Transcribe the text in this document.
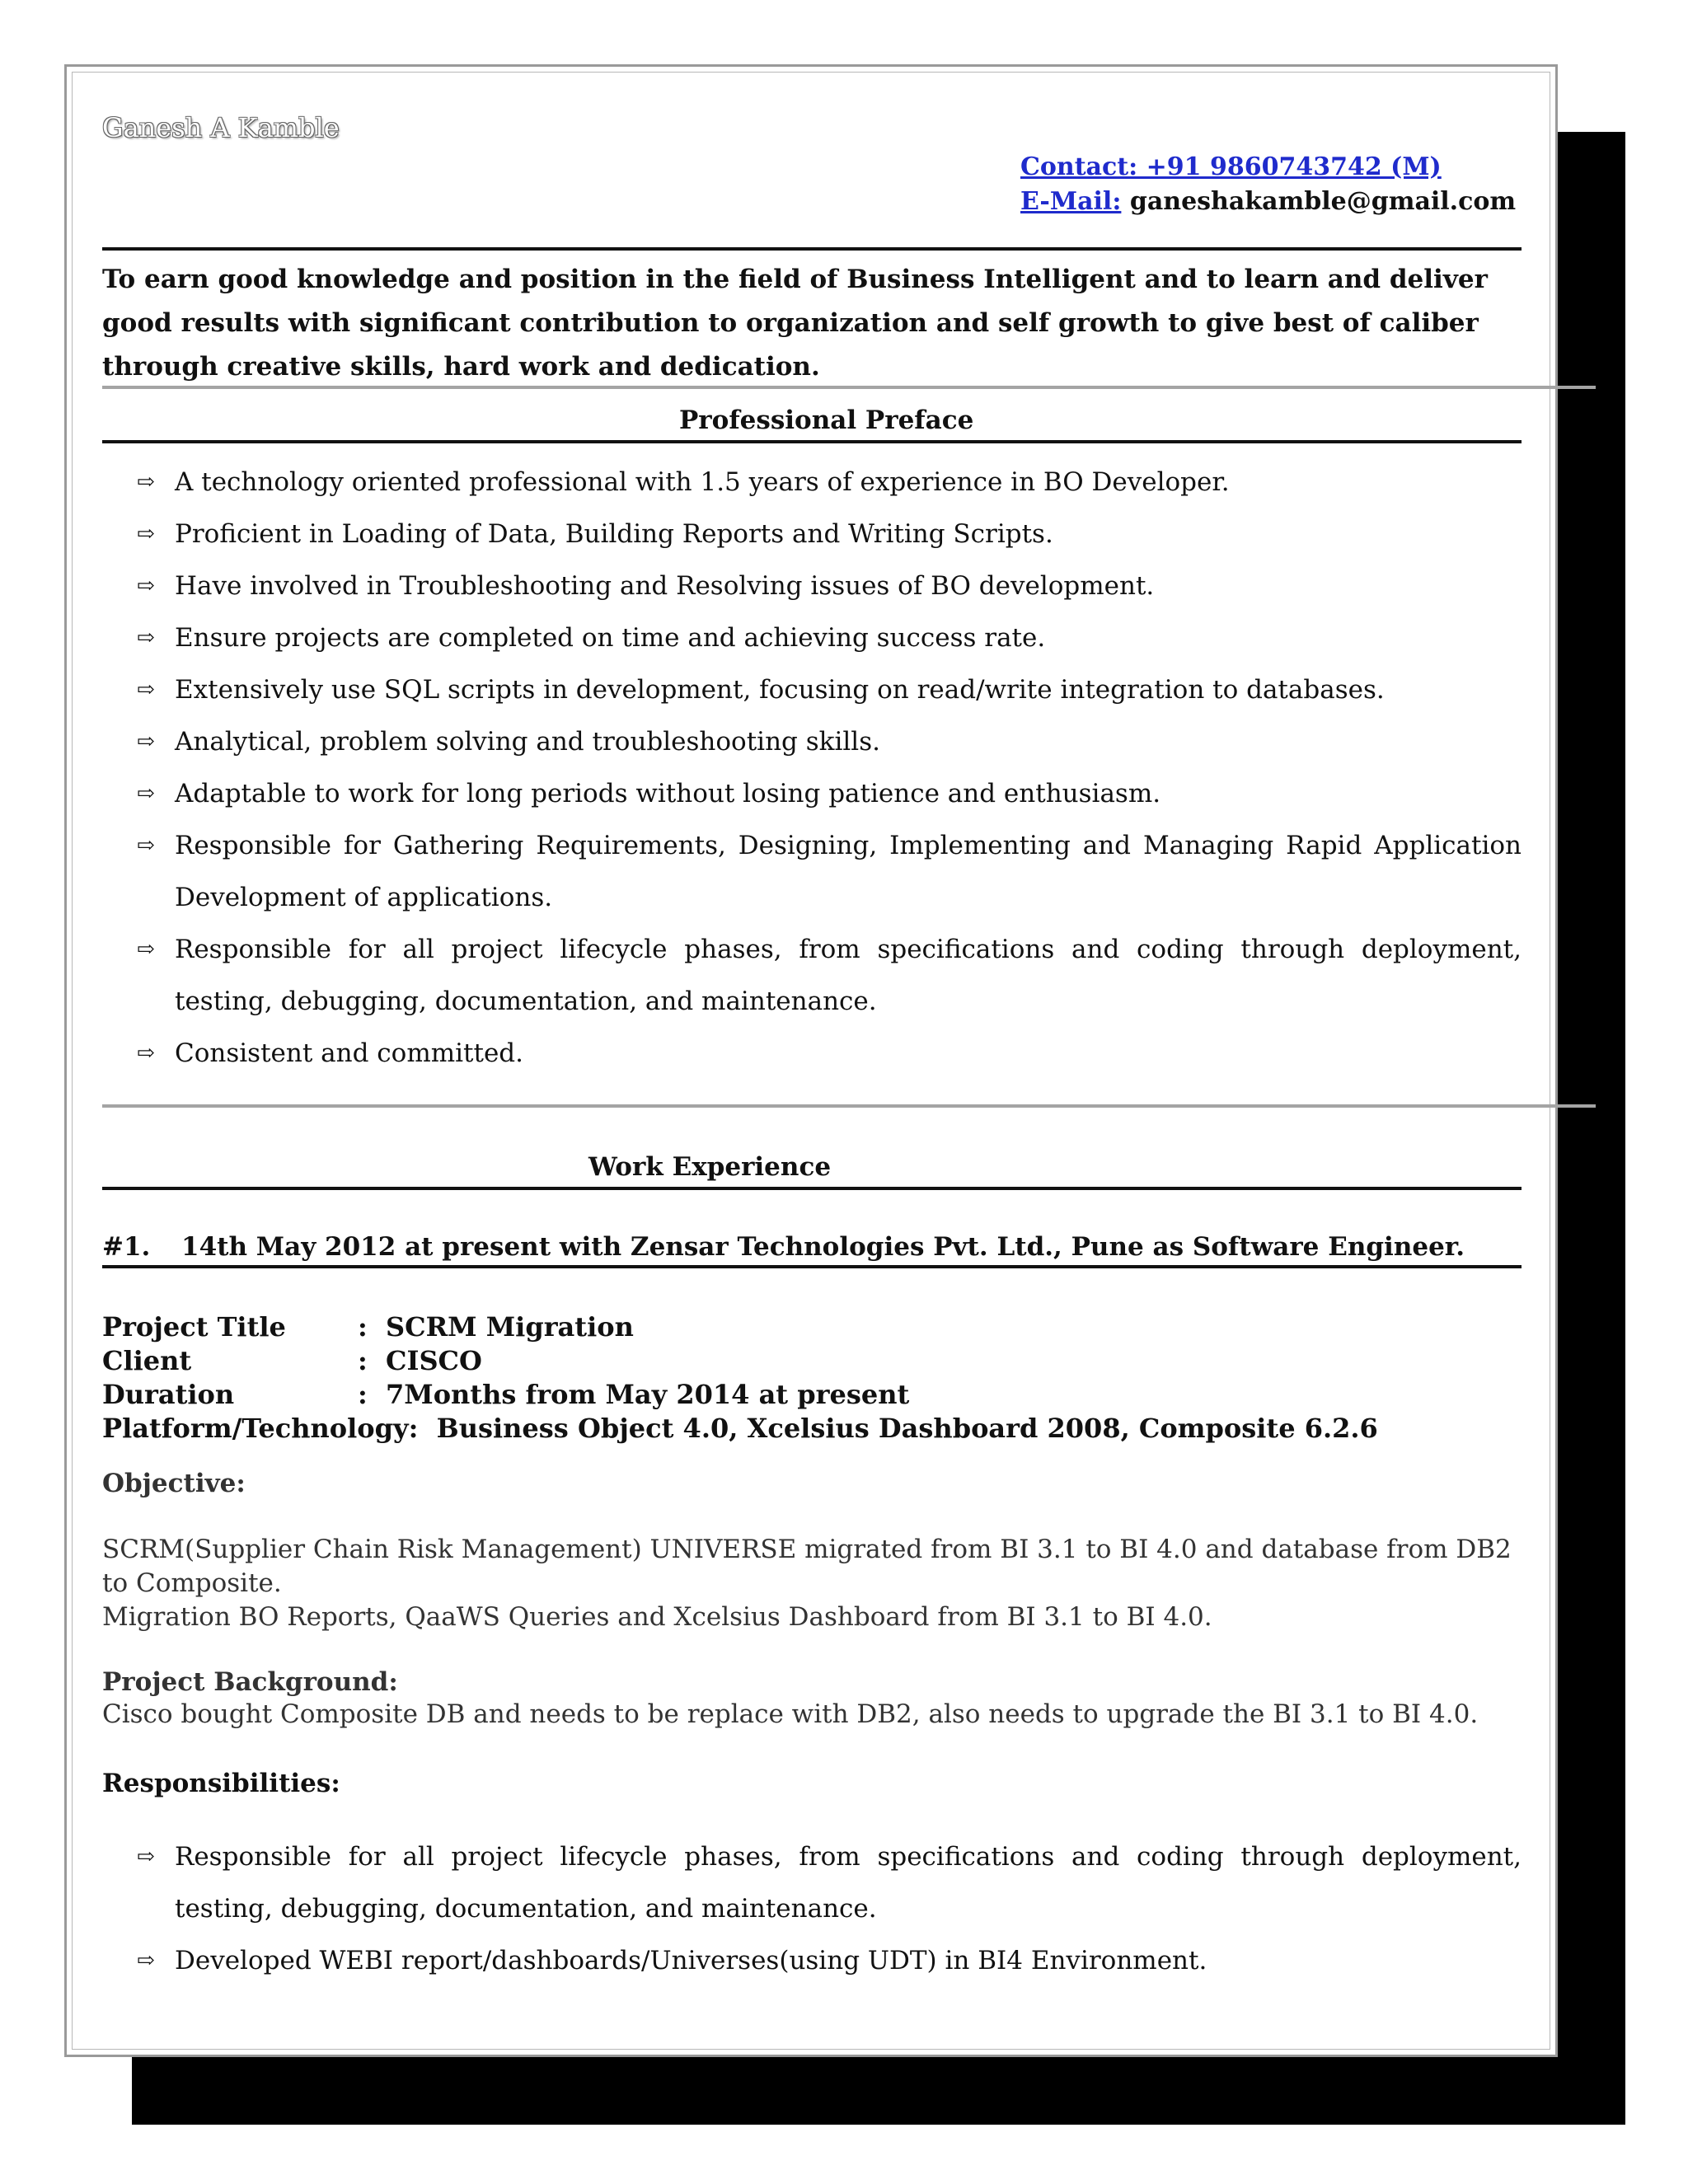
Ganesh A Kamble
Contact: +91 9860743742 (M)
E-Mail: ganeshakamble@gmail.com
To earn good knowledge and position in the field of Business Intelligent and to learn and deliver good results with significant contribution to organization and self growth to give best of caliber through creative skills, hard work and dedication.
Professional Preface
⇨ A technology oriented professional with 1.5 years of experience in BO Developer.
⇨ Proficient in Loading of Data, Building Reports and Writing Scripts.
⇨ Have involved in Troubleshooting and Resolving issues of BO development.
⇨ Ensure projects are completed on time and achieving success rate.
⇨ Extensively use SQL scripts in development, focusing on read/write integration to databases.
⇨ Analytical, problem solving and troubleshooting skills.
⇨ Adaptable to work for long periods without losing patience and enthusiasm.
⇨ Responsible for Gathering Requirements, Designing, Implementing and Managing Rapid Application Development of applications.
⇨ Responsible for all project lifecycle phases, from specifications and coding through deployment, testing, debugging, documentation, and maintenance.
⇨ Consistent and committed.
Work Experience
#1. 14th May 2012 at present with Zensar Technologies Pvt. Ltd., Pune as Software Engineer.
Project Title	: SCRM Migration
Client	: CISCO
Duration	: 7Months from May 2014 at present
Platform/Technology: Business Object 4.0, Xcelsius Dashboard 2008, Composite 6.2.6
Objective:
SCRM(Supplier Chain Risk Management) UNIVERSE migrated from BI 3.1 to BI 4.0 and database from DB2 to Composite.
Migration BO Reports, QaaWS Queries and Xcelsius Dashboard from BI 3.1 to BI 4.0.
Project Background:
Cisco bought Composite DB and needs to be replace with DB2, also needs to upgrade the BI 3.1 to BI 4.0.
Responsibilities:
⇨ Responsible for all project lifecycle phases, from specifications and coding through deployment, testing, debugging, documentation, and maintenance.
⇨ Developed WEBI report/dashboards/Universes(using UDT) in BI4 Environment.
